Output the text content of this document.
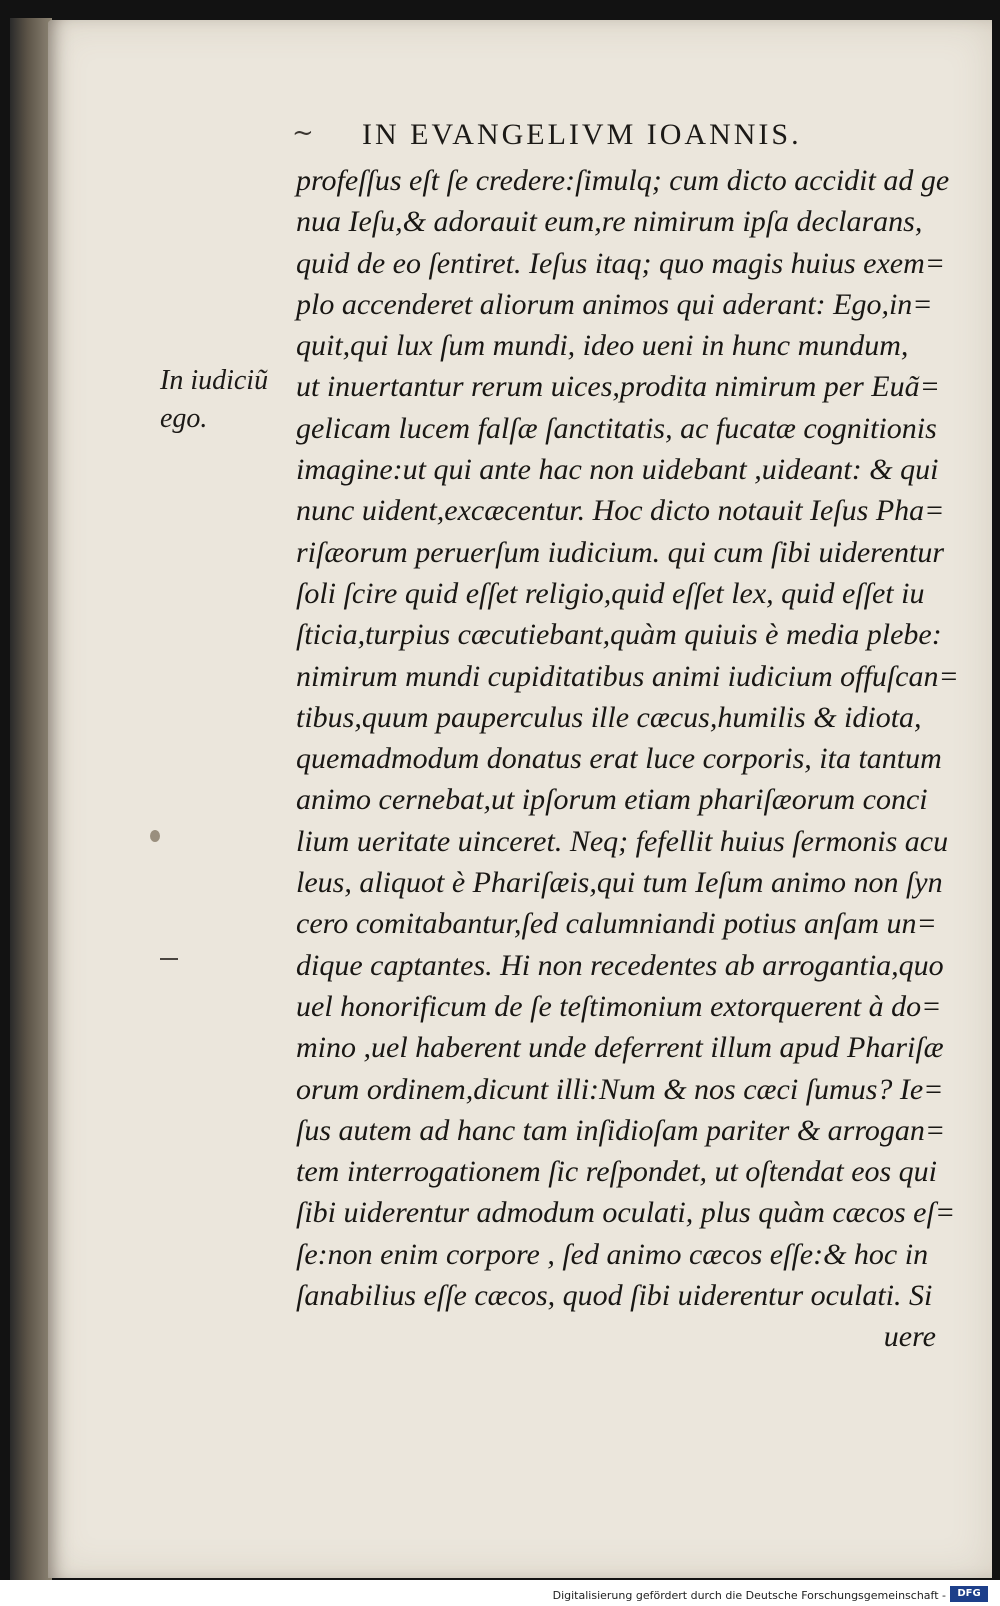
~ IN EVANGELIVM IOANNIS.
In iudiciũ
ego.
profeſſus eſt ſe credere:ſimulq; cum dicto accidit ad ge
nua Ieſu,& adorauit eum,re nimirum ipſa declarans,
quid de eo ſentiret. Ieſus itaq; quo magis huius exem=
plo accenderet aliorum animos qui aderant: Ego,in=
quit,qui lux ſum mundi, ideo ueni in hunc mundum,
ut inuertantur rerum uices,prodita nimirum per Euã=
gelicam lucem falſæ ſanctitatis, ac fucatæ cognitionis
imagine:ut qui ante hac non uidebant ,uideant: & qui
nunc uident,excæcentur. Hoc dicto notauit Ieſus Pha=
riſæorum peruerſum iudicium. qui cum ſibi uiderentur
ſoli ſcire quid eſſet religio,quid eſſet lex, quid eſſet iu
ſticia,turpius cæcutiebant,quàm quiuis è media plebe:
nimirum mundi cupiditatibus animi iudicium offuſcan=
tibus,quum pauperculus ille cæcus,humilis & idiota,
quemadmodum donatus erat luce corporis, ita tantum
animo cernebat,ut ipſorum etiam phariſæorum conci
lium ueritate uinceret. Neq; fefellit huius ſermonis acu
leus, aliquot è Phariſæis,qui tum Ieſum animo non ſyn
cero comitabantur,ſed calumniandi potius anſam un=
dique captantes. Hi non recedentes ab arrogantia,quo
uel honorificum de ſe teſtimonium extorquerent à do=
mino ,uel haberent unde deferrent illum apud Phariſæ
orum ordinem,dicunt illi:Num & nos cæci ſumus? Ie=
ſus autem ad hanc tam inſidioſam pariter & arrogan=
tem interrogationem ſic reſpondet, ut oſtendat eos qui
ſibi uiderentur admodum oculati, plus quàm cæcos eſ=
ſe:non enim corpore , ſed animo cæcos eſſe:& hoc in
ſanabilius eſſe cæcos, quod ſibi uiderentur oculati. Si
uere
Digitalisierung gefördert durch die Deutsche Forschungsgemeinschaft -	DFG
